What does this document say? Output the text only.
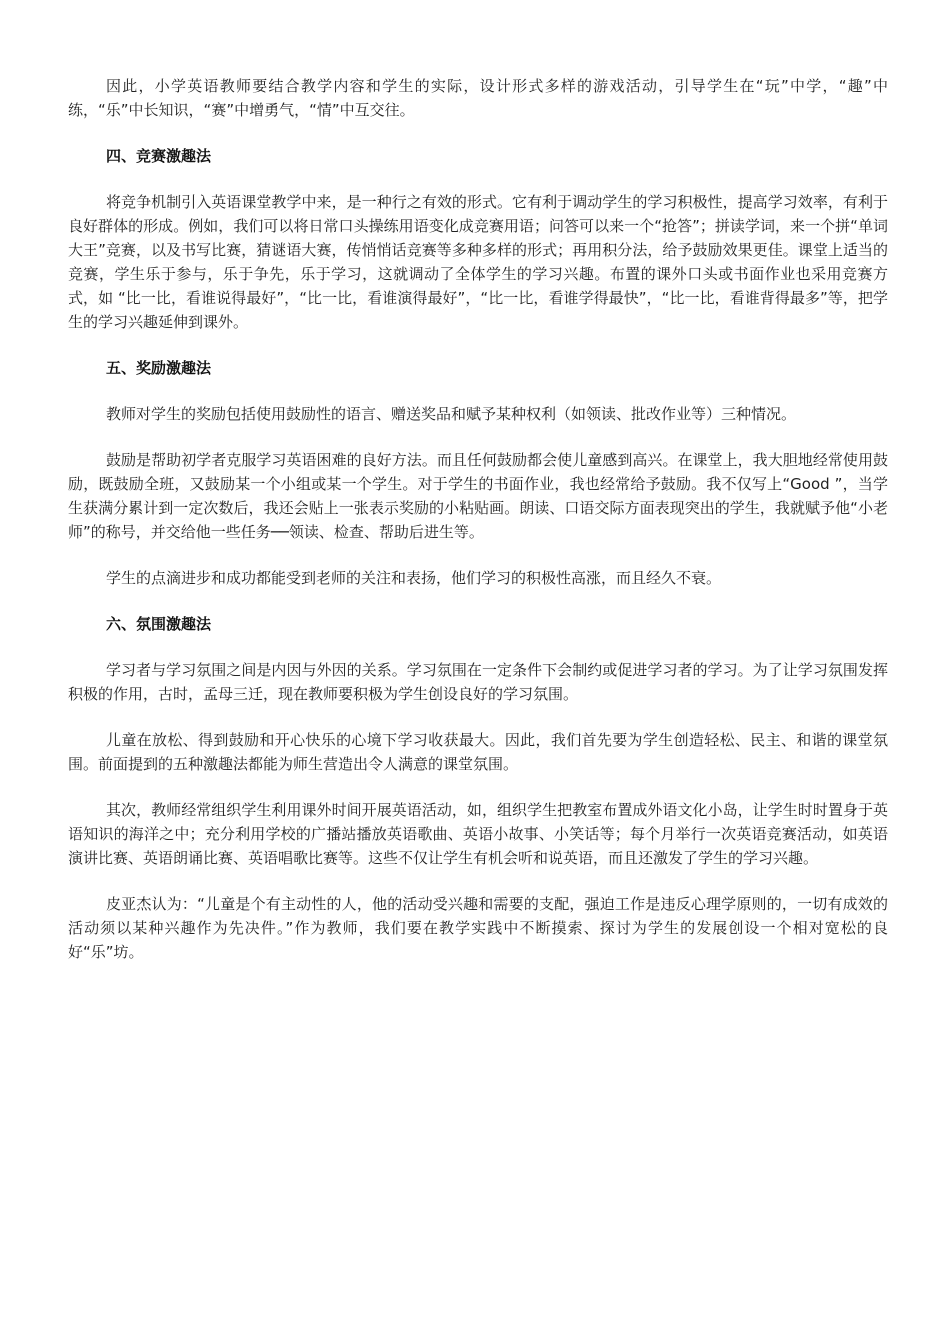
因此，小学英语教师要结合教学内容和学生的实际，设计形式多样的游戏活动，引导学生在“玩”中学，“趣”中练，“乐”中长知识，“赛”中增勇气，“情”中互交往。

四、竞赛激趣法

将竞争机制引入英语课堂教学中来，是一种行之有效的形式。它有利于调动学生的学习积极性，提高学习效率，有利于良好群体的形成。例如，我们可以将日常口头操练用语变化成竞赛用语；问答可以来一个“抢答”；拼读学词，来一个拼“单词大王”竞赛，以及书写比赛，猜谜语大赛，传悄悄话竞赛等多种多样的形式；再用积分法，给予鼓励效果更佳。课堂上适当的竞赛，学生乐于参与，乐于争先，乐于学习，这就调动了全体学生的学习兴趣。布置的课外口头或书面作业也采用竞赛方式，如 “比一比，看谁说得最好”，“比一比，看谁演得最好”，“比一比，看谁学得最快”，“比一比，看谁背得最多”等，把学生的学习兴趣延伸到课外。

五、奖励激趣法

教师对学生的奖励包括使用鼓励性的语言、赠送奖品和赋予某种权利（如领读、批改作业等）三种情况。

鼓励是帮助初学者克服学习英语困难的良好方法。而且任何鼓励都会使儿童感到高兴。在课堂上，我大胆地经常使用鼓励，既鼓励全班，又鼓励某一个小组或某一个学生。对于学生的书面作业，我也经常给予鼓励。我不仅写上“Good ”，当学生获满分累计到一定次数后，我还会贴上一张表示奖励的小粘贴画。朗读、口语交际方面表现突出的学生，我就赋予他“小老师”的称号，并交给他一些任务──领读、检查、帮助后进生等。

学生的点滴进步和成功都能受到老师的关注和表扬，他们学习的积极性高涨，而且经久不衰。

六、氛围激趣法

学习者与学习氛围之间是内因与外因的关系。学习氛围在一定条件下会制约或促进学习者的学习。为了让学习氛围发挥积极的作用，古时，孟母三迁，现在教师要积极为学生创设良好的学习氛围。

儿童在放松、得到鼓励和开心快乐的心境下学习收获最大。因此，我们首先要为学生创造轻松、民主、和谐的课堂氛围。前面提到的五种激趣法都能为师生营造出令人满意的课堂氛围。

其次，教师经常组织学生利用课外时间开展英语活动，如，组织学生把教室布置成外语文化小岛，让学生时时置身于英语知识的海洋之中；充分利用学校的广播站播放英语歌曲、英语小故事、小笑话等；每个月举行一次英语竞赛活动，如英语演讲比赛、英语朗诵比赛、英语唱歌比赛等。这些不仅让学生有机会听和说英语，而且还激发了学生的学习兴趣。

皮亚杰认为：“儿童是个有主动性的人，他的活动受兴趣和需要的支配，强迫工作是违反心理学原则的，一切有成效的活动须以某种兴趣作为先决件。”作为教师，我们要在教学实践中不断摸索、探讨为学生的发展创设一个相对宽松的良好“乐”坊。
